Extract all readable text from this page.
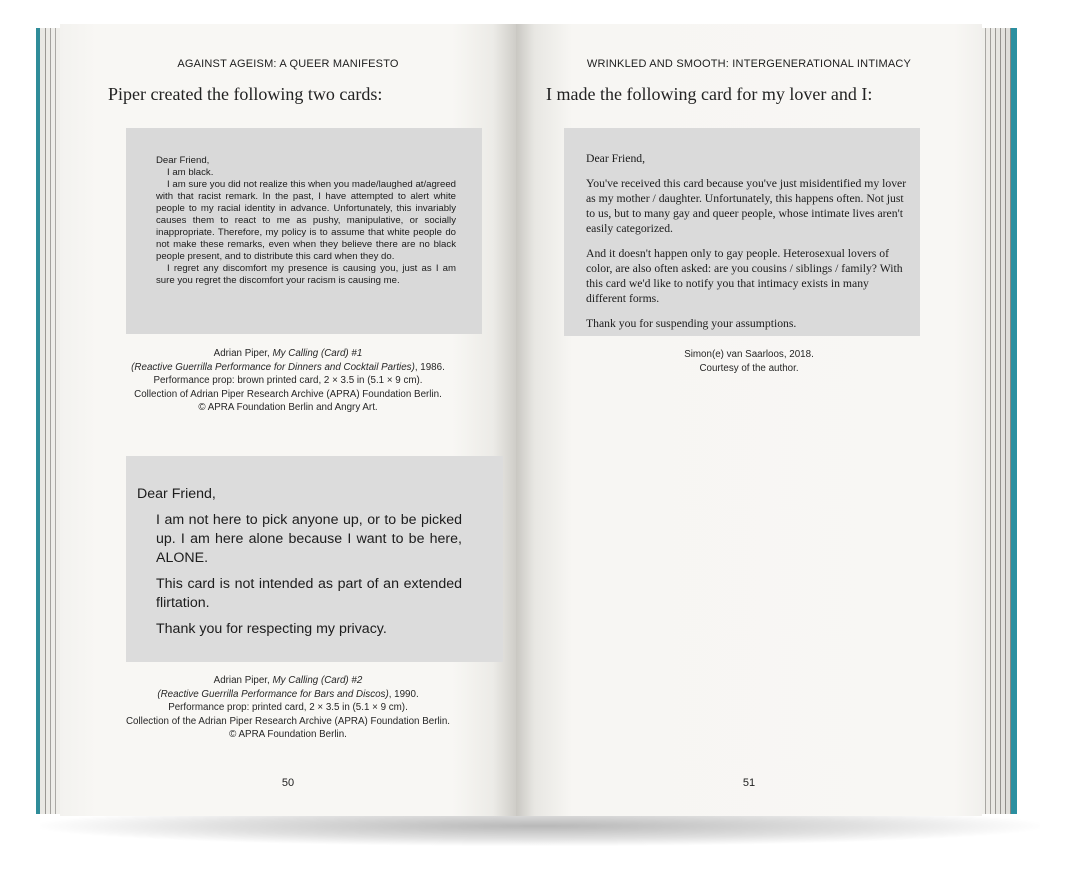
AGAINST AGEISM: A QUEER MANIFESTO
Piper created the following two cards:

Dear Friend,

I am black.

I am sure you did not realize this when you made/laughed at/agreed with that racist remark. In the past, I have attempted to alert white people to my racial identity in advance. Unfortunately, this invariably causes them to react to me as pushy, manipulative, or socially inappropriate. Therefore, my policy is to assume that white people do not make these remarks, even when they believe there are no black people present, and to distribute this card when they do.

I regret any discomfort my presence is causing you, just as I am sure you regret the discomfort your racism is causing me.

Adrian Piper, My Calling (Card) #1
(Reactive Guerrilla Performance for Dinners and Cocktail Parties), 1986.
Performance prop: brown printed card, 2 × 3.5 in (5.1 × 9 cm).
Collection of Adrian Piper Research Archive (APRA) Foundation Berlin.
© APRA Foundation Berlin and Angry Art.

Dear Friend,

I am not here to pick anyone up, or to be picked up. I am here alone because I want to be here, ALONE.

This card is not intended as part of an extended flirtation.

Thank you for respecting my privacy.

Adrian Piper, My Calling (Card) #2
(Reactive Guerrilla Performance for Bars and Discos), 1990.
Performance prop: printed card, 2 × 3.5 in (5.1 × 9 cm).
Collection of the Adrian Piper Research Archive (APRA) Foundation Berlin.
© APRA Foundation Berlin.
50
WRINKLED AND SMOOTH: INTERGENERATIONAL INTIMACY
I made the following card for my lover and I:

Dear Friend,

You've received this card because you've just misidentified my lover as my mother / daughter. Unfortunately, this happens often. Not just to us, but to many gay and queer people, whose intimate lives aren't easily categorized.

And it doesn't happen only to gay people. Heterosexual lovers of color, are also often asked: are you cousins / siblings / family? With this card we'd like to notify you that intimacy exists in many different forms.

Thank you for suspending your assumptions.

Simon(e) van Saarloos, 2018.
Courtesy of the author.
51
